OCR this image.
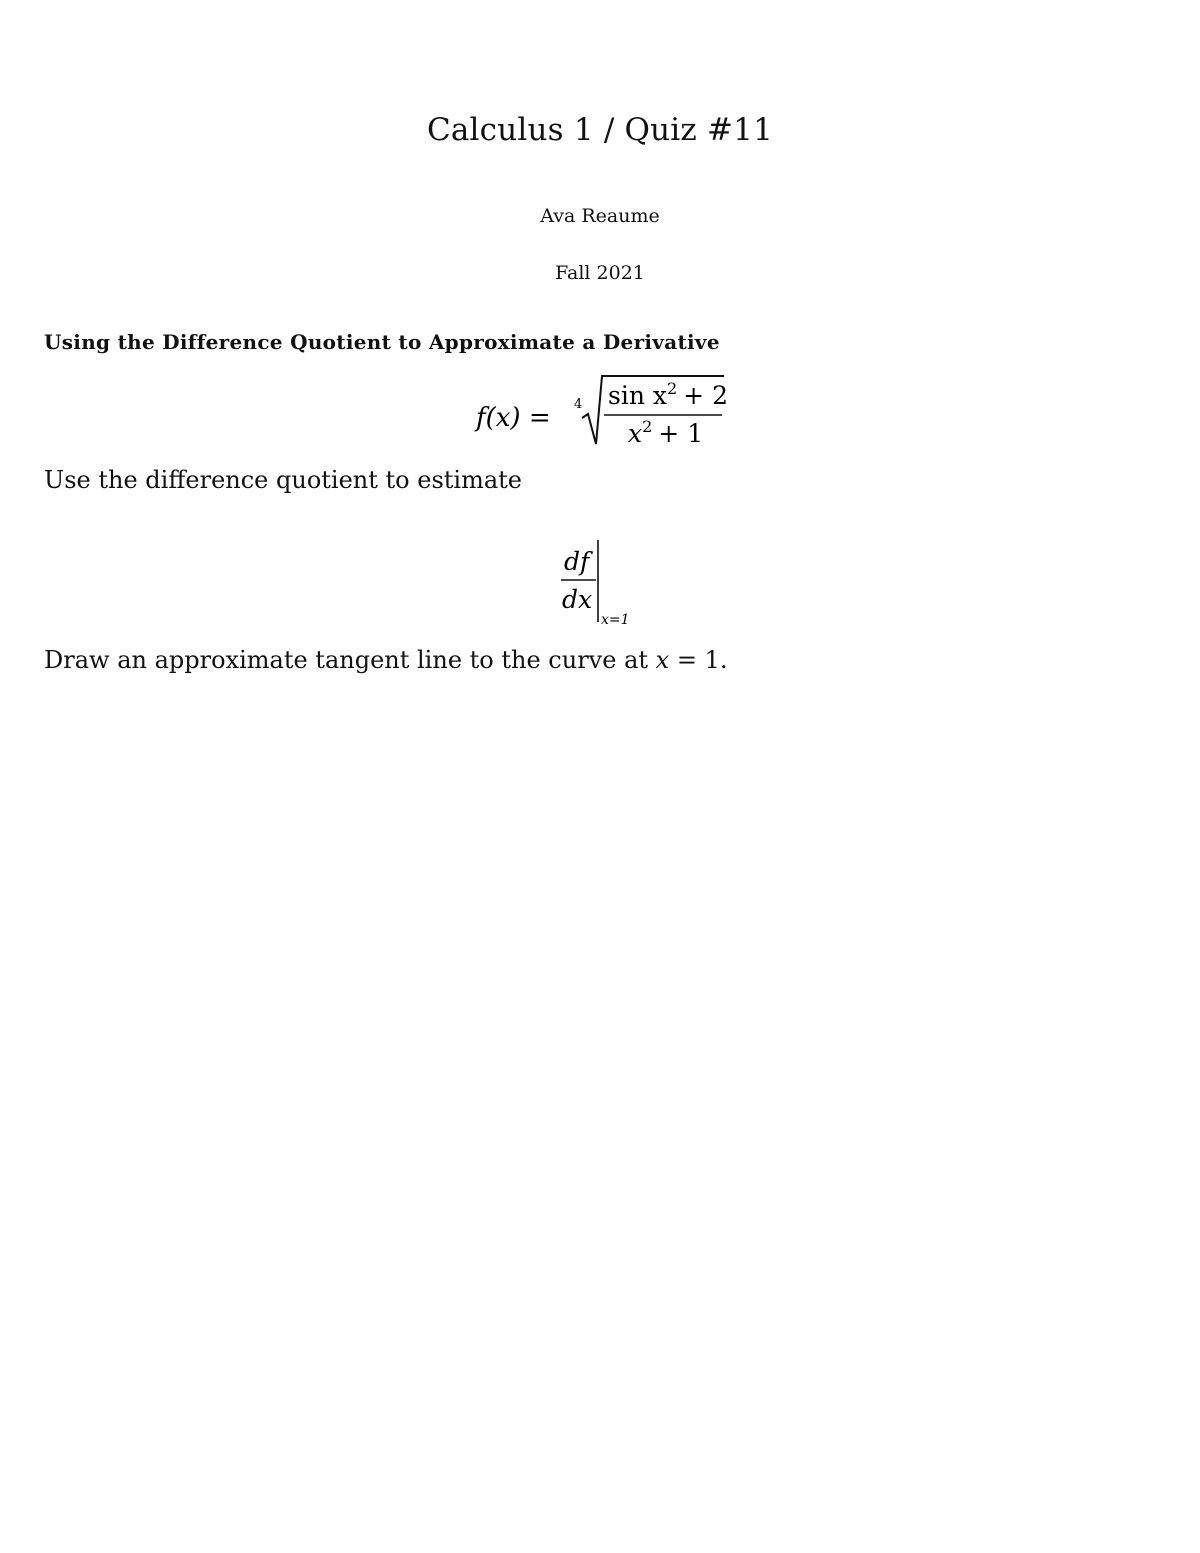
Calculus 1 / Quiz #11
Ava Reaume
Fall 2021
Using the Difference Quotient to Approximate a Derivative
f(x) = 4 $\sin x^2 + 2$
$x^2 + 1$

Use the difference quotient to estimate

df
dx
x=1

Draw an approximate tangent line to the curve at x = 1.
